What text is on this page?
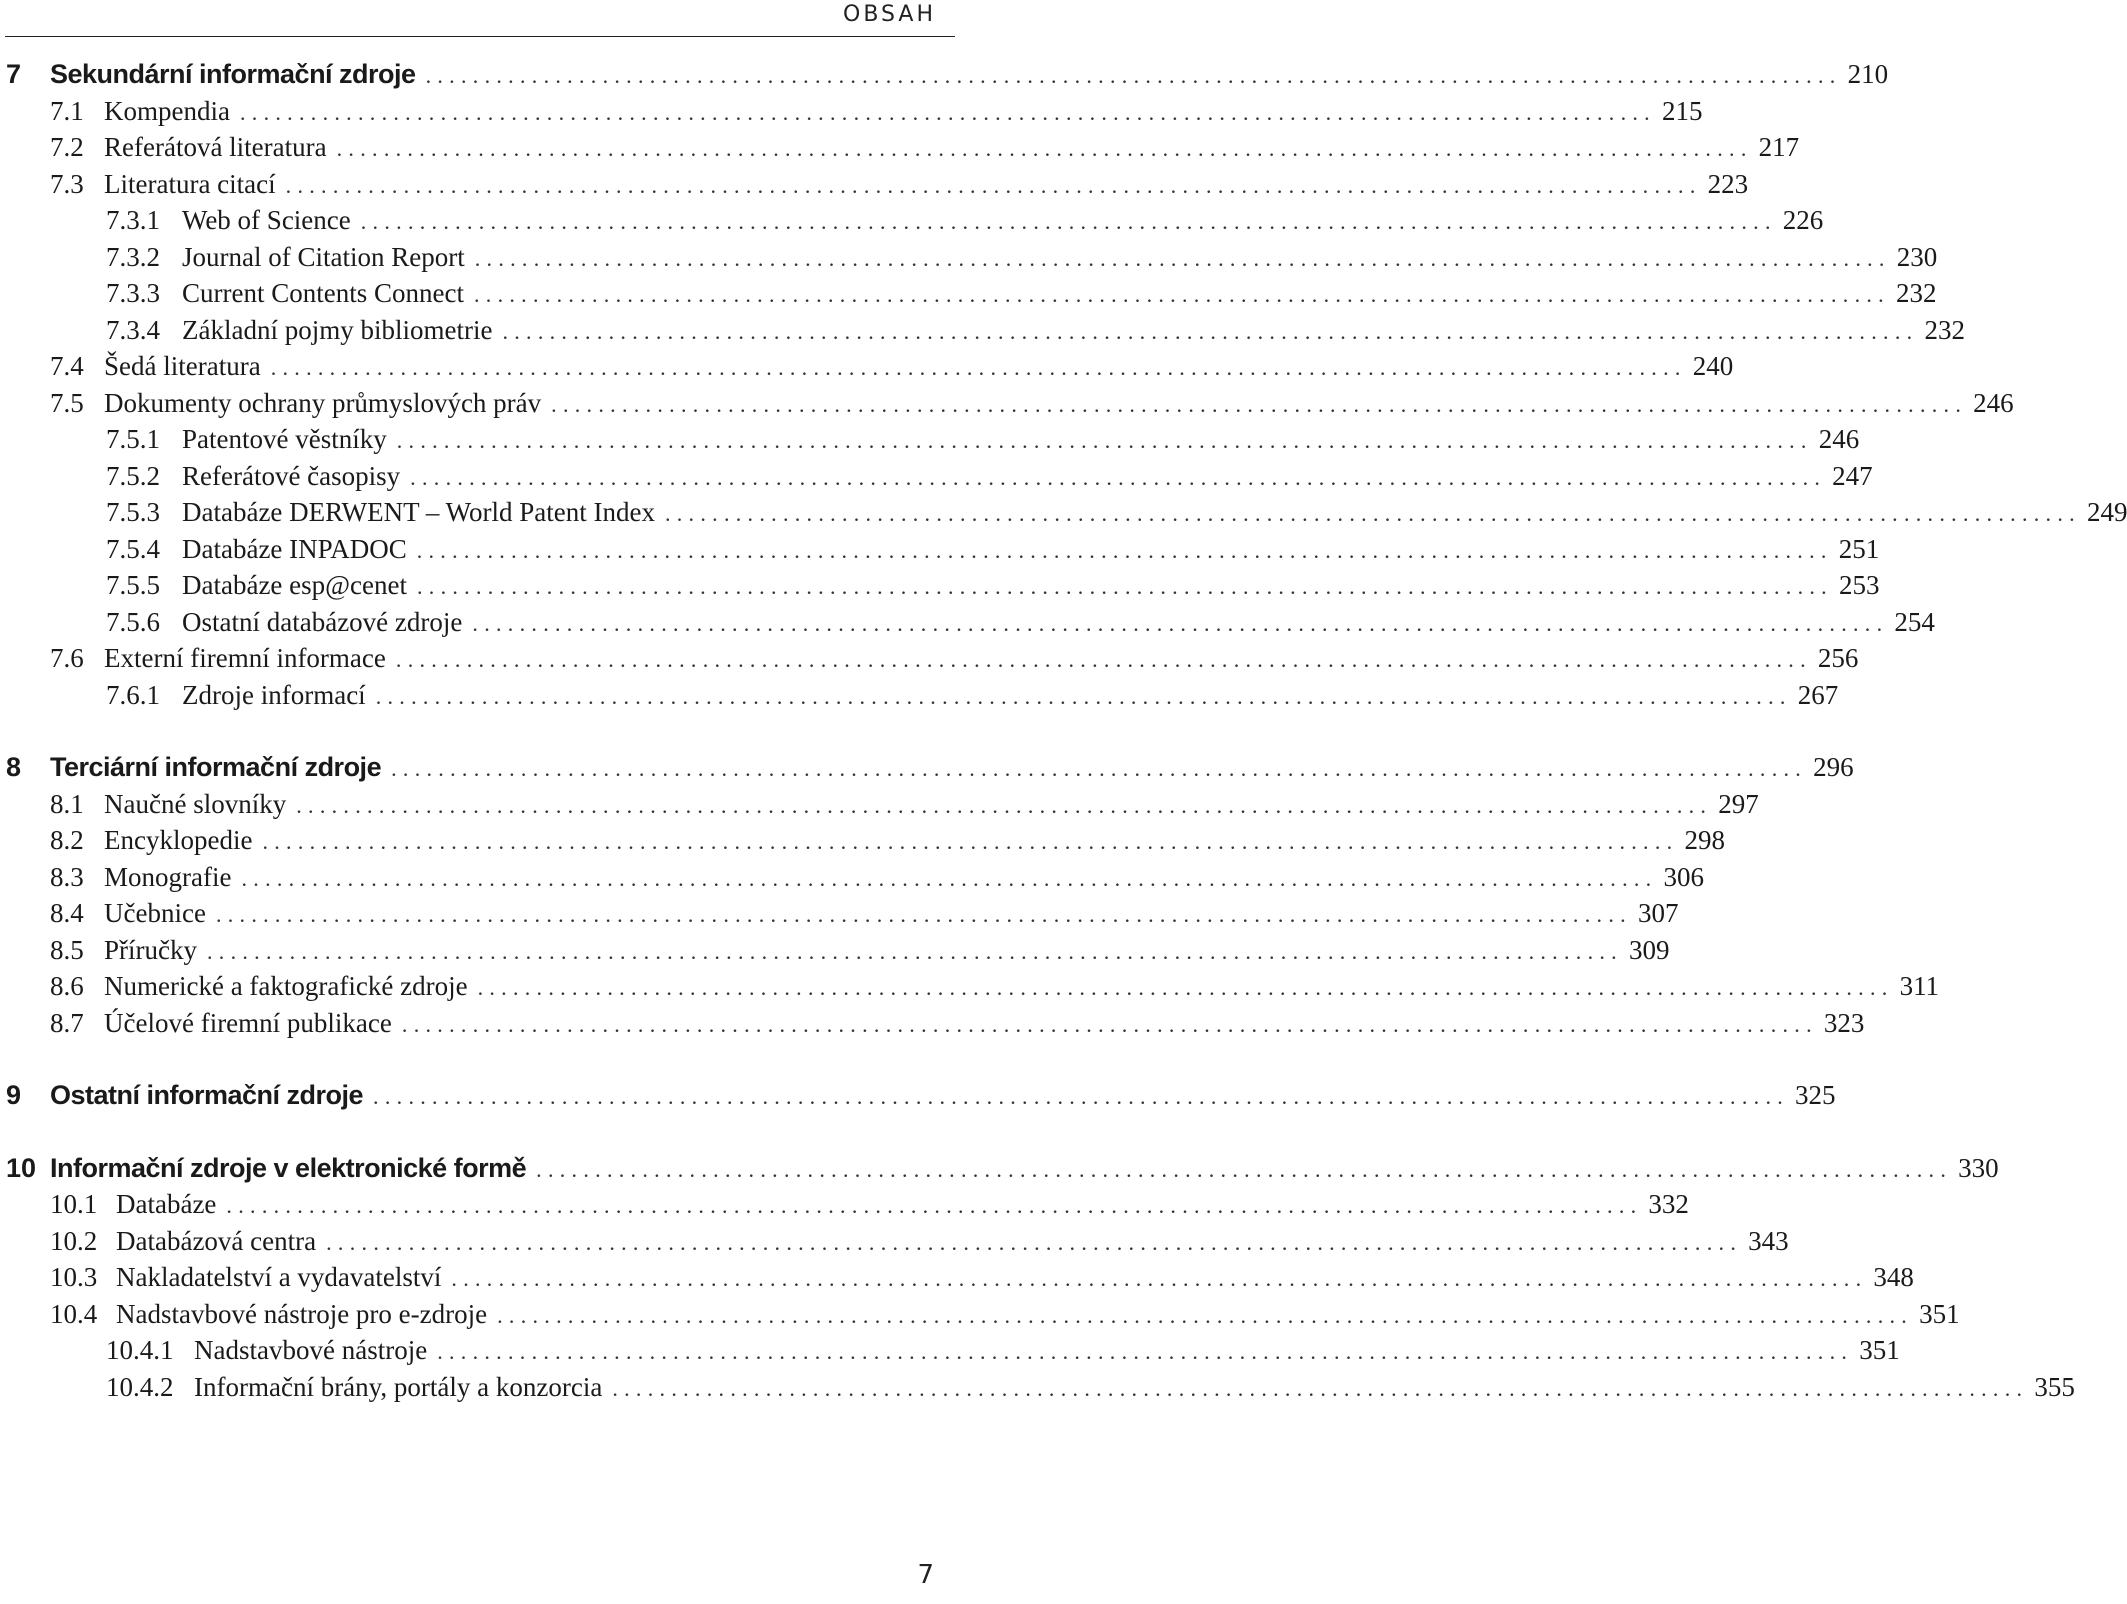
OBSAH
7	Sekundární informační zdroje ........................................................................................................................ 210
7.1 Kompendia ........................................................................................................................ 215
7.2 Referátová literatura ........................................................................................................................ 217
7.3 Literatura citací ........................................................................................................................ 223
7.3.1 Web of Science ........................................................................................................................ 226
7.3.2 Journal of Citation Report ........................................................................................................................ 230
7.3.3 Current Contents Connect ........................................................................................................................ 232
7.3.4 Základní pojmy bibliometrie ........................................................................................................................ 232
7.4 Šedá literatura ........................................................................................................................ 240
7.5 Dokumenty ochrany průmyslových práv ........................................................................................................................ 246
7.5.1 Patentové věstníky ........................................................................................................................ 246
7.5.2 Referátové časopisy ........................................................................................................................ 247
7.5.3 Databáze DERWENT – World Patent Index ........................................................................................................................ 249
7.5.4 Databáze INPADOC ........................................................................................................................ 251
7.5.5 Databáze esp@cenet ........................................................................................................................ 253
7.5.6 Ostatní databázové zdroje ........................................................................................................................ 254
7.6 Externí firemní informace ........................................................................................................................ 256
7.6.1 Zdroje informací ........................................................................................................................ 267
8	Terciární informační zdroje ........................................................................................................................ 296
8.1 Naučné slovníky ........................................................................................................................ 297
8.2 Encyklopedie ........................................................................................................................ 298
8.3 Monografie ........................................................................................................................ 306
8.4 Učebnice ........................................................................................................................ 307
8.5 Příručky ........................................................................................................................ 309
8.6 Numerické a faktografické zdroje ........................................................................................................................ 311
8.7 Účelové firemní publikace ........................................................................................................................ 323
9	Ostatní informační zdroje ........................................................................................................................ 325
10 Informační zdroje v elektronické formě ........................................................................................................................ 330
10.1 Databáze ........................................................................................................................ 332
10.2 Databázová centra ........................................................................................................................ 343
10.3 Nakladatelství a vydavatelství ........................................................................................................................ 348
10.4 Nadstavbové nástroje pro e-zdroje ........................................................................................................................ 351
10.4.1 Nadstavbové nástroje ........................................................................................................................ 351
10.4.2 Informační brány, portály a konzorcia ........................................................................................................................ 355
7
